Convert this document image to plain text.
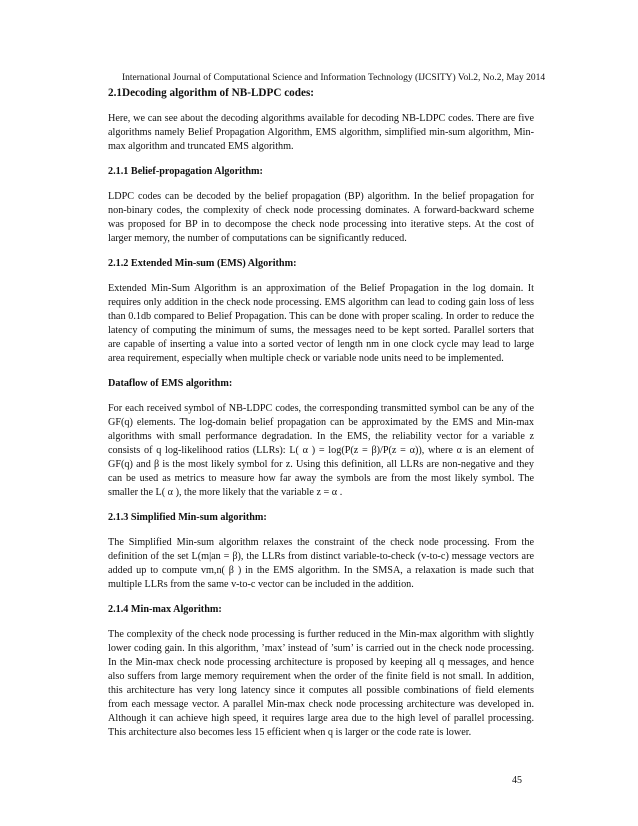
International Journal of Computational Science and Information Technology (IJCSITY) Vol.2, No.2, May 2014
2.1Decoding algorithm of NB-LDPC codes:

Here, we can see about the decoding algorithms available for decoding NB-LDPC codes. There are five algorithms namely Belief Propagation Algorithm, EMS algorithm, simplified min-sum algorithm, Min-max algorithm and truncated EMS algorithm.

2.1.1 Belief-propagation Algorithm:

LDPC codes can be decoded by the belief propagation (BP) algorithm. In the belief propagation for non-binary codes, the complexity of check node processing dominates. A forward-backward scheme was proposed for BP in to decompose the check node processing into iterative steps. At the cost of larger memory, the number of computations can be significantly reduced.

2.1.2 Extended Min-sum (EMS) Algorithm:

Extended Min-Sum Algorithm is an approximation of the Belief Propagation in the log domain. It requires only addition in the check node processing. EMS algorithm can lead to coding gain loss of less than 0.1db compared to Belief Propagation. This can be done with proper scaling. In order to reduce the latency of computing the minimum of sums, the messages need to be kept sorted. Parallel sorters that are capable of inserting a value into a sorted vector of length nm in one clock cycle may lead to large area requirement, especially when multiple check or variable node units need to be implemented.

Dataflow of EMS algorithm:

For each received symbol of NB-LDPC codes, the corresponding transmitted symbol can be any of the GF(q) elements. The log-domain belief propagation can be approximated by the EMS and Min-max algorithms with small performance degradation. In the EMS, the reliability vector for a variable z consists of q log-likelihood ratios (LLRs): L( α ) = log(P(z = β)/P(z = α)), where α is an element of GF(q) and β is the most likely symbol for z. Using this definition, all LLRs are non-negative and they can be used as metrics to measure how far away the symbols are from the most likely symbol. The smaller the L( α ), the more likely that the variable z = α .

2.1.3 Simplified Min-sum algorithm:

The Simplified Min-sum algorithm relaxes the constraint of the check node processing. From the definition of the set L(m|an = β), the LLRs from distinct variable-to-check (v-to-c) message vectors are added up to compute vm,n( β ) in the EMS algorithm. In the SMSA, a relaxation is made such that multiple LLRs from the same v-to-c vector can be included in the addition.

2.1.4 Min-max Algorithm:

The complexity of the check node processing is further reduced in the Min-max algorithm with slightly lower coding gain. In this algorithm, ’max’ instead of ’sum’ is carried out in the check node processing. In the Min-max check node processing architecture is proposed by keeping all q messages, and hence also suffers from large memory requirement when the order of the finite field is not small. In addition, this architecture has very long latency since it computes all possible combinations of field elements from each message vector. A parallel Min-max check node processing architecture was developed in. Although it can achieve high speed, it requires large area due to the high level of parallel processing. This architecture also becomes less 15 efficient when q is larger or the code rate is lower.

45
